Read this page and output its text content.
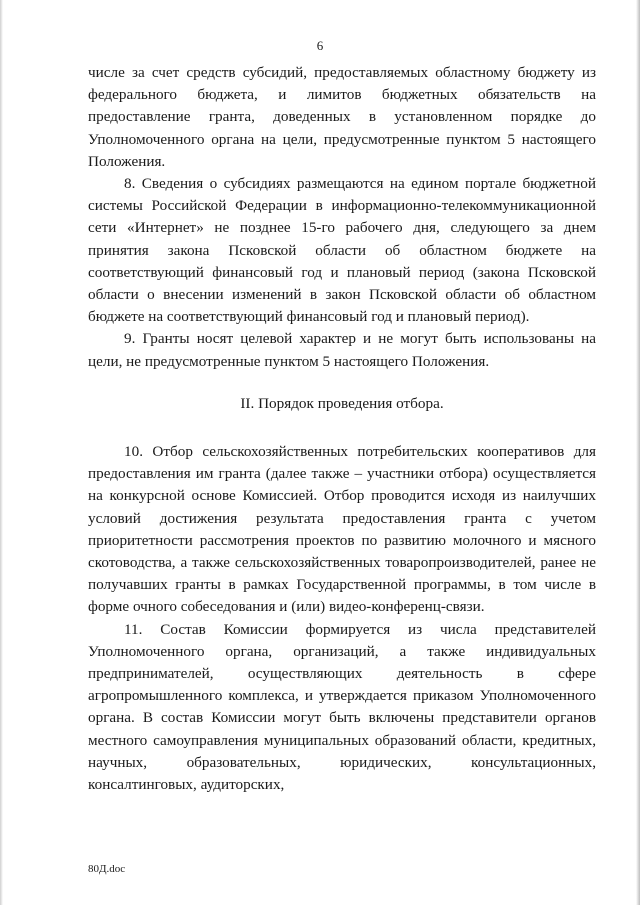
6

числе за счет средств субсидий, предоставляемых областному бюджету из федерального бюджета, и лимитов бюджетных обязательств на предоставление гранта, доведенных в установленном порядке до Уполномоченного органа на цели, предусмотренные пунктом 5 настоящего Положения.

8. Сведения о субсидиях размещаются на едином портале бюджетной системы Российской Федерации в информационно-телекоммуникационной сети «Интернет» не позднее 15-го рабочего дня, следующего за днем принятия закона Псковской области об областном бюджете на соответствующий финансовый год и плановый период (закона Псковской области о внесении изменений в закон Псковской области об областном бюджете на соответствующий финансовый год и плановый период).

9. Гранты носят целевой характер и не могут быть использованы на цели, не предусмотренные пунктом 5 настоящего Положения.

II. Порядок проведения отбора.

10. Отбор сельскохозяйственных потребительских кооперативов для предоставления им гранта (далее также – участники отбора) осуществляется на конкурсной основе Комиссией. Отбор проводится исходя из наилучших условий достижения результата предоставления гранта с учетом приоритетности рассмотрения проектов по развитию молочного и мясного скотоводства, а также сельскохозяйственных товаропроизводителей, ранее не получавших гранты в рамках Государственной программы, в том числе в форме очного собеседования и (или) видео-конференц-связи.

11. Состав Комиссии формируется из числа представителей Уполномоченного органа, организаций, а также индивидуальных предпринимателей, осуществляющих деятельность в сфере агропромышленного комплекса, и утверждается приказом Уполномоченного органа. В состав Комиссии могут быть включены представители органов местного самоуправления муниципальных образований области, кредитных, научных, образовательных, юридических, консультационных, консалтинговых, аудиторских,

80Д.doc
